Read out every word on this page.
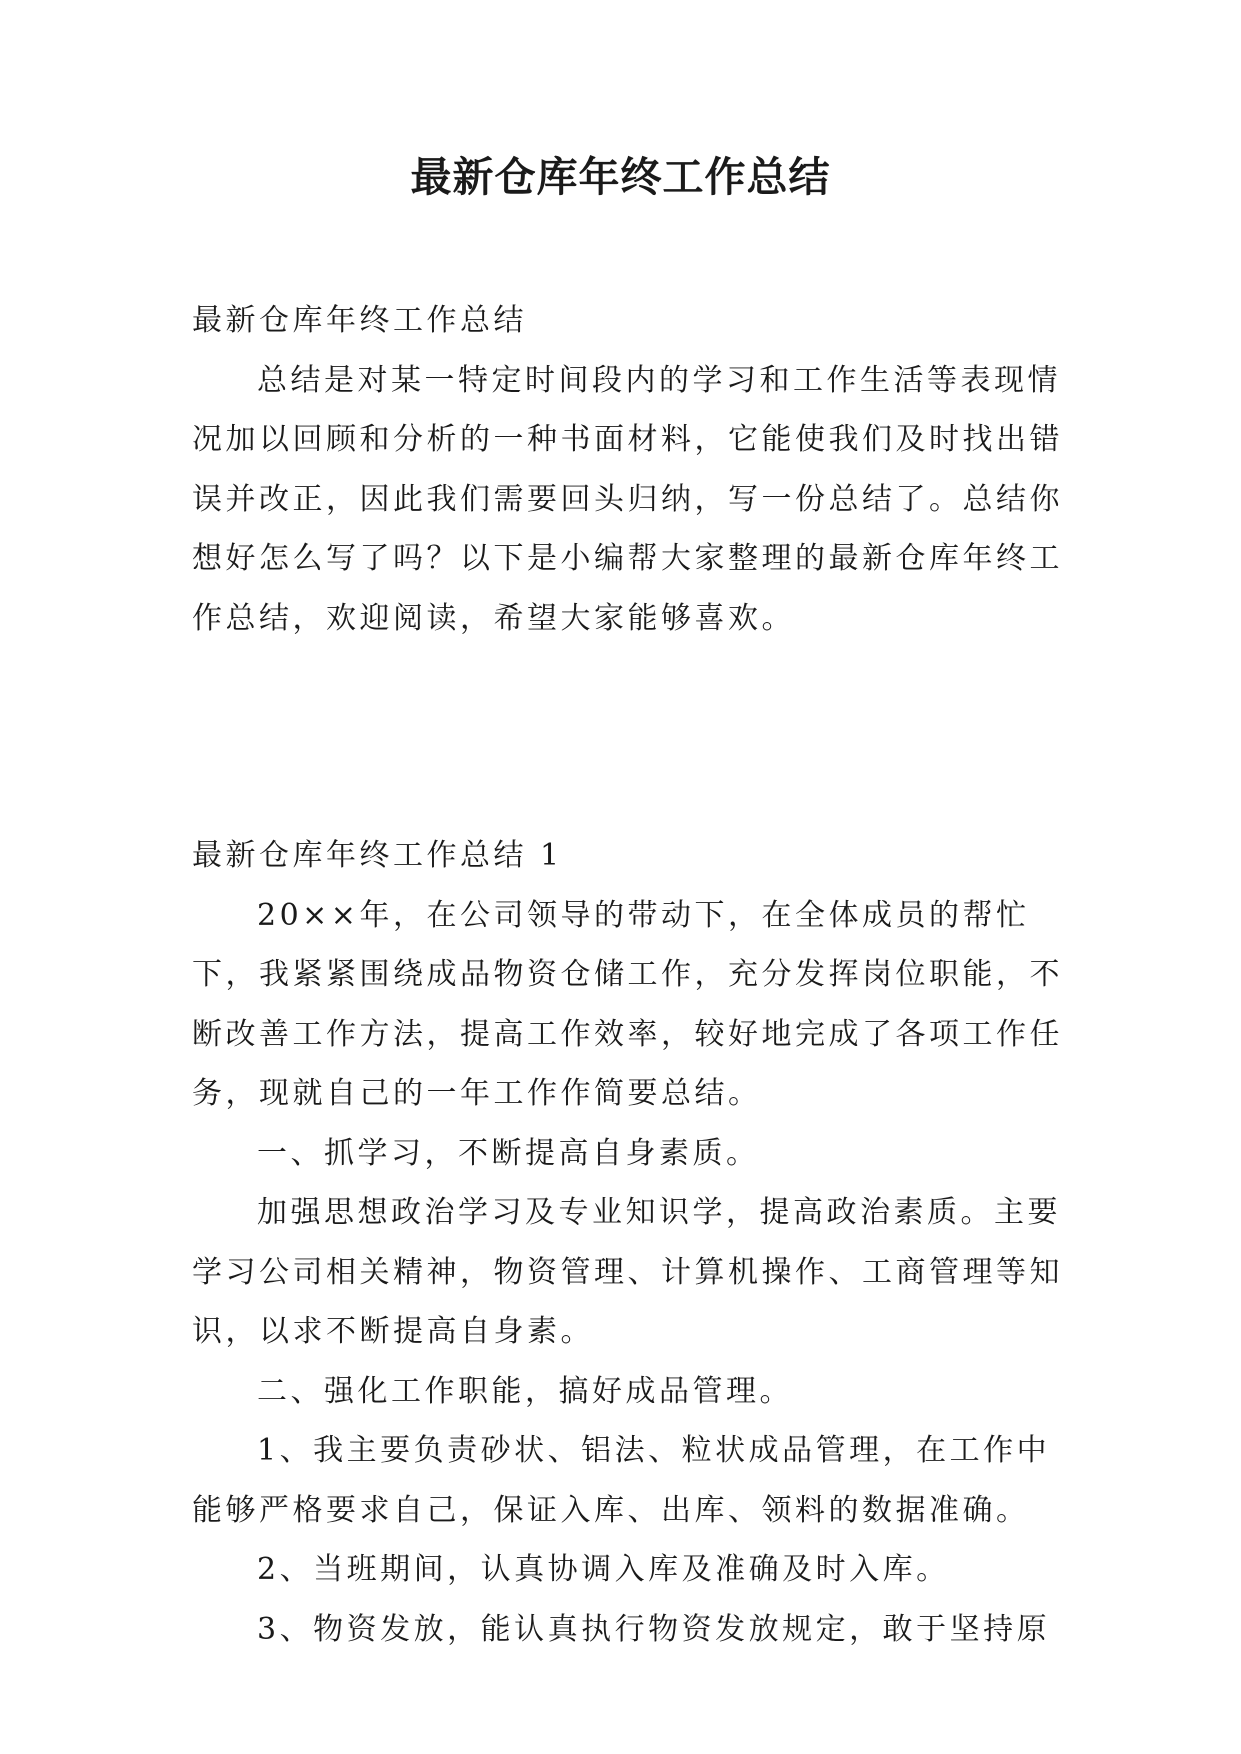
最新仓库年终工作总结

最新仓库年终工作总结

总结是对某一特定时间段内的学习和工作生活等表现情况加以回顾和分析的一种书面材料，它能使我们及时找出错误并改正，因此我们需要回头归纳，写一份总结了。总结你想好怎么写了吗？以下是小编帮大家整理的最新仓库年终工作总结，欢迎阅读，希望大家能够喜欢。

最新仓库年终工作总结 1

20××年，在公司领导的带动下，在全体成员的帮忙下，我紧紧围绕成品物资仓储工作，充分发挥岗位职能，不断改善工作方法，提高工作效率，较好地完成了各项工作任务，现就自己的一年工作作简要总结。

一、抓学习，不断提高自身素质。

加强思想政治学习及专业知识学，提高政治素质。主要学习公司相关精神，物资管理、计算机操作、工商管理等知识，以求不断提高自身素。

二、强化工作职能，搞好成品管理。

1、我主要负责砂状、铝法、粒状成品管理，在工作中能够严格要求自己，保证入库、出库、领料的数据准确。

2、当班期间，认真协调入库及准确及时入库。

3、物资发放，能认真执行物资发放规定，敢于坚持原
